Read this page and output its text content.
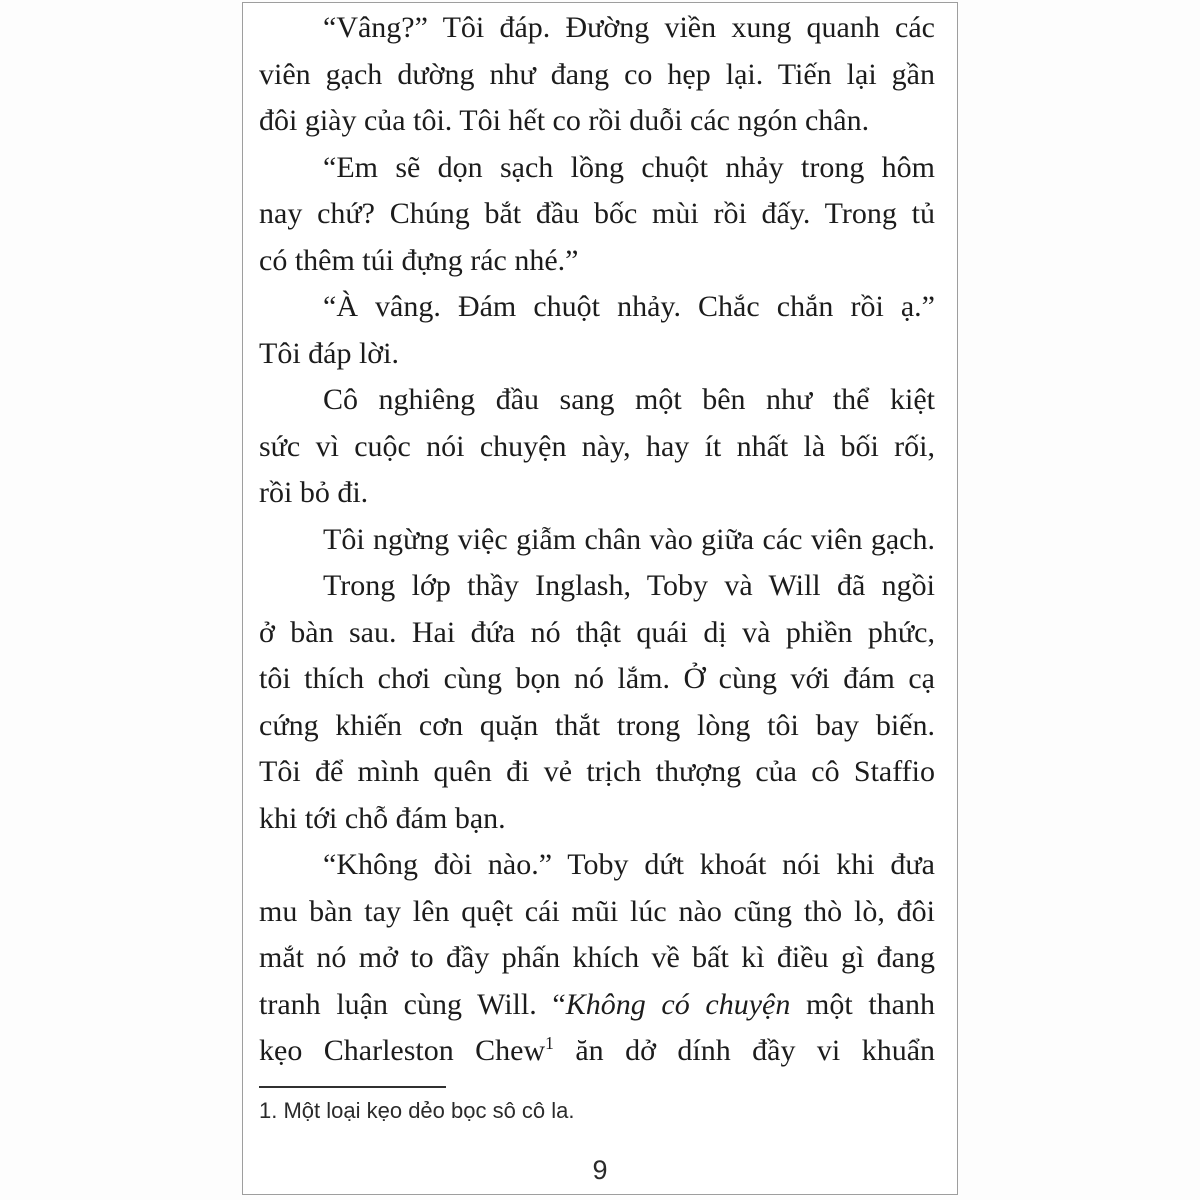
“Vâng?” Tôi đáp. Đường viền xung quanh các
viên gạch dường như đang co hẹp lại. Tiến lại gần
đôi giày của tôi. Tôi hết co rồi duỗi các ngón chân.
“Em sẽ dọn sạch lồng chuột nhảy trong hôm
nay chứ? Chúng bắt đầu bốc mùi rồi đấy. Trong tủ
có thêm túi đựng rác nhé.”
“À vâng. Đám chuột nhảy. Chắc chắn rồi ạ.”
Tôi đáp lời.
Cô nghiêng đầu sang một bên như thể kiệt
sức vì cuộc nói chuyện này, hay ít nhất là bối rối,
rồi bỏ đi.
Tôi ngừng việc giẫm chân vào giữa các viên gạch.
Trong lớp thầy Inglash, Toby và Will đã ngồi
ở bàn sau. Hai đứa nó thật quái dị và phiền phức,
tôi thích chơi cùng bọn nó lắm. Ở cùng với đám cạ
cứng khiến cơn quặn thắt trong lòng tôi bay biến.
Tôi để mình quên đi vẻ trịch thượng của cô Staffio
khi tới chỗ đám bạn.
“Không đòi nào.” Toby dứt khoát nói khi đưa
mu bàn tay lên quệt cái mũi lúc nào cũng thò lò, đôi
mắt nó mở to đầy phấn khích về bất kì điều gì đang
tranh luận cùng Will. “Không có chuyện một thanh
kẹo Charleston Chew$^1$ ăn dở dính đầy vi khuẩn
1. Một loại kẹo dẻo bọc sô cô la.
9
